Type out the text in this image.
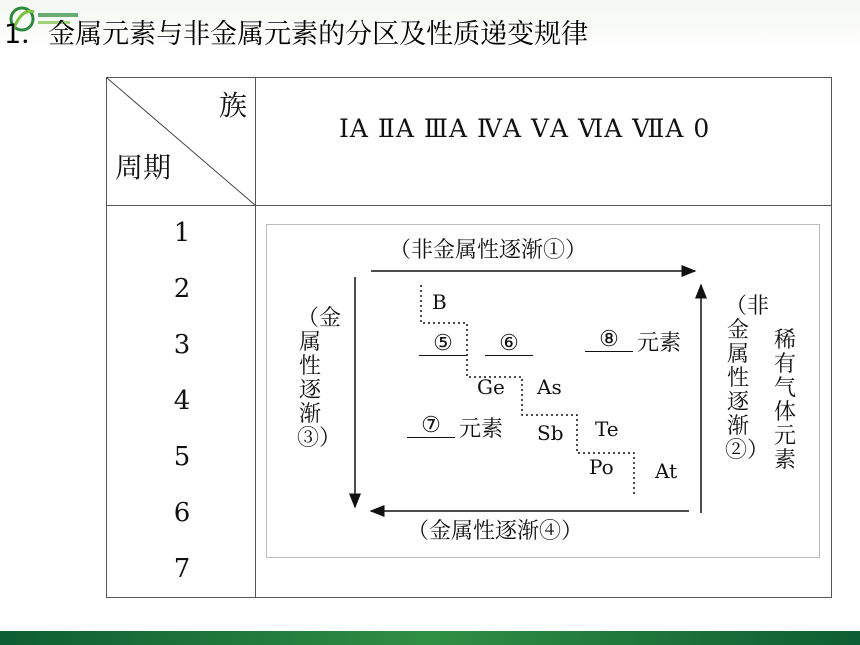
1．金属元素与非金属元素的分区及性质递变规律
族
周期
ⅠA ⅡA ⅢA ⅣA ⅤA ⅥA ⅦA 0
1
2
3
4
5
6
7
（非金属性逐渐①）
（金属性逐渐④）
（金属性逐渐③）
（非金属性逐渐②）
稀有气体元素
B
Ge As
Sb Te
Po At
⑤	⑥
⑦ 元素
⑧ 元素
